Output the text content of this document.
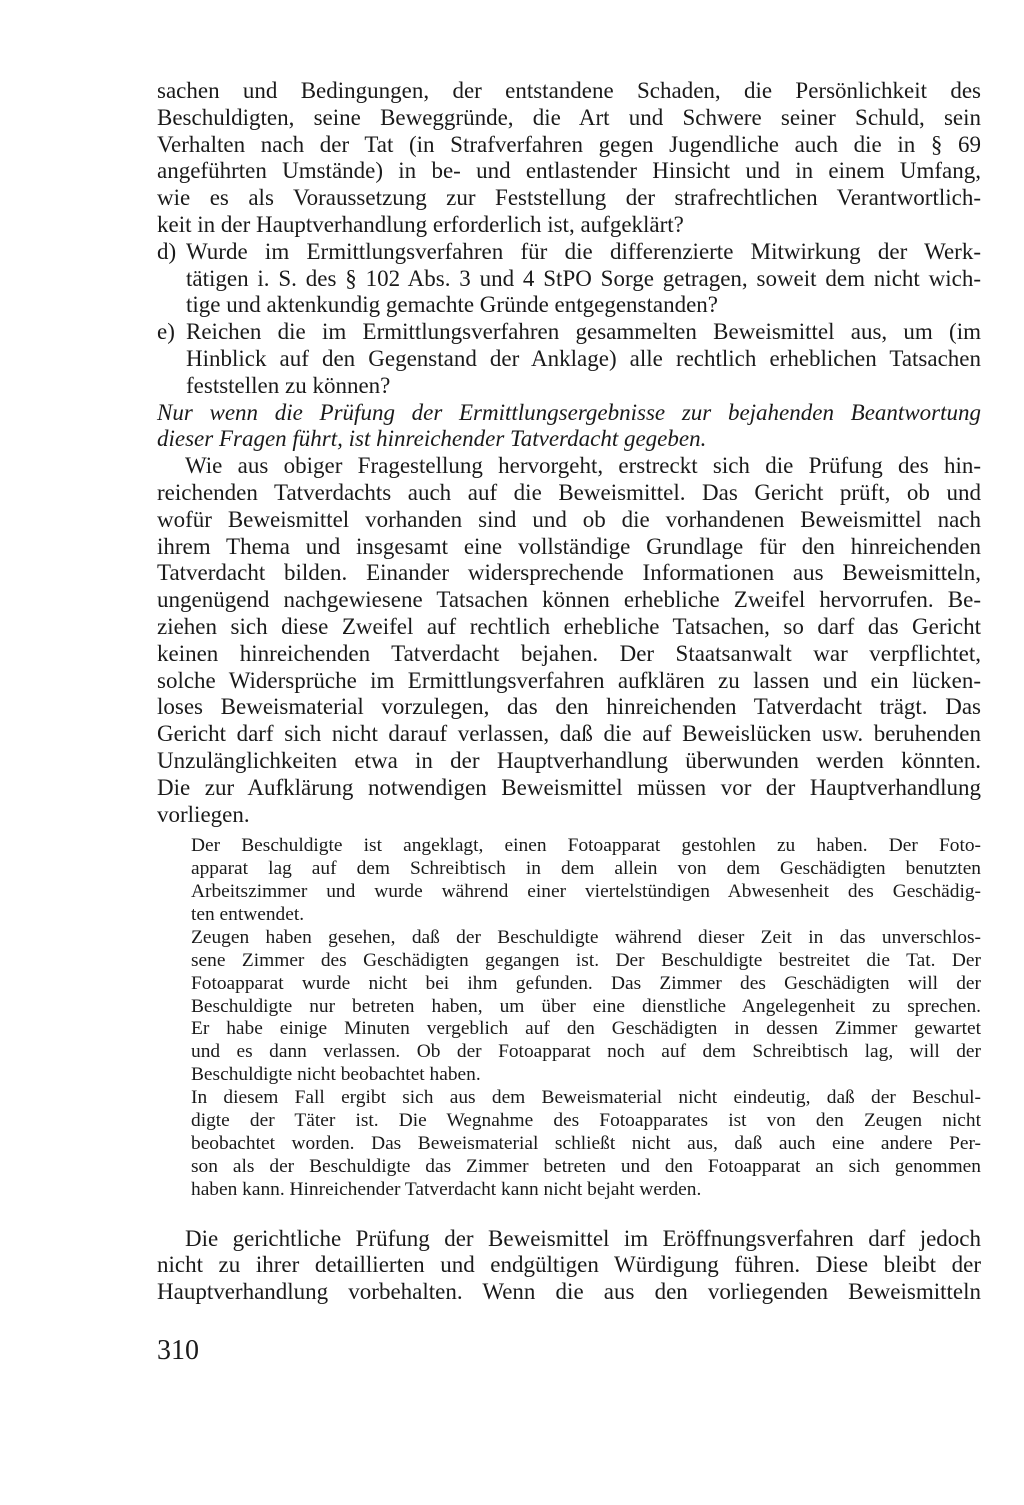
sachen und Bedingungen, der entstandene Schaden, die Persönlichkeit des
Beschuldigten, seine Beweggründe, die Art und Schwere seiner Schuld, sein
Verhalten nach der Tat (in Strafverfahren gegen Jugendliche auch die in § 69
angeführten Umstände) in be- und entlastender Hinsicht und in einem Umfang,
wie es als Voraussetzung zur Feststellung der strafrechtlichen Verantwortlich-
keit in der Hauptverhandlung erforderlich ist, aufgeklärt?
d) Wurde im Ermittlungsverfahren für die differenzierte Mitwirkung der Werk-
tätigen i. S. des § 102 Abs. 3 und 4 StPO Sorge getragen, soweit dem nicht wich-
tige und aktenkundig gemachte Gründe entgegenstanden?
e) Reichen die im Ermittlungsverfahren gesammelten Beweismittel aus, um (im
Hinblick auf den Gegenstand der Anklage) alle rechtlich erheblichen Tatsachen
feststellen zu können?
Nur wenn die Prüfung der Ermittlungsergebnisse zur bejahenden Beantwortung
dieser Fragen führt, ist hinreichender Tatverdacht gegeben.
Wie aus obiger Fragestellung hervorgeht, erstreckt sich die Prüfung des hin-
reichenden Tatverdachts auch auf die Beweismittel. Das Gericht prüft, ob und
wofür Beweismittel vorhanden sind und ob die vorhandenen Beweismittel nach
ihrem Thema und insgesamt eine vollständige Grundlage für den hinreichenden
Tatverdacht bilden. Einander widersprechende Informationen aus Beweismitteln,
ungenügend nachgewiesene Tatsachen können erhebliche Zweifel hervorrufen. Be-
ziehen sich diese Zweifel auf rechtlich erhebliche Tatsachen, so darf das Gericht
keinen hinreichenden Tatverdacht bejahen. Der Staatsanwalt war verpflichtet,
solche Widersprüche im Ermittlungsverfahren aufklären zu lassen und ein lücken-
loses Beweismaterial vorzulegen, das den hinreichenden Tatverdacht trägt. Das
Gericht darf sich nicht darauf verlassen, daß die auf Beweislücken usw. beruhenden
Unzulänglichkeiten etwa in der Hauptverhandlung überwunden werden könnten.
Die zur Aufklärung notwendigen Beweismittel müssen vor der Hauptverhandlung
vorliegen.
Der Beschuldigte ist angeklagt, einen Fotoapparat gestohlen zu haben. Der Foto-
apparat lag auf dem Schreibtisch in dem allein von dem Geschädigten benutzten
Arbeitszimmer und wurde während einer viertelstündigen Abwesenheit des Geschädig-
ten entwendet.
Zeugen haben gesehen, daß der Beschuldigte während dieser Zeit in das unverschlos-
sene Zimmer des Geschädigten gegangen ist. Der Beschuldigte bestreitet die Tat. Der
Fotoapparat wurde nicht bei ihm gefunden. Das Zimmer des Geschädigten will der
Beschuldigte nur betreten haben, um über eine dienstliche Angelegenheit zu sprechen.
Er habe einige Minuten vergeblich auf den Geschädigten in dessen Zimmer gewartet
und es dann verlassen. Ob der Fotoapparat noch auf dem Schreibtisch lag, will der
Beschuldigte nicht beobachtet haben.
In diesem Fall ergibt sich aus dem Beweismaterial nicht eindeutig, daß der Beschul-
digte der Täter ist. Die Wegnahme des Fotoapparates ist von den Zeugen nicht
beobachtet worden. Das Beweismaterial schließt nicht aus, daß auch eine andere Per-
son als der Beschuldigte das Zimmer betreten und den Fotoapparat an sich genommen
haben kann. Hinreichender Tatverdacht kann nicht bejaht werden.
Die gerichtliche Prüfung der Beweismittel im Eröffnungsverfahren darf jedoch
nicht zu ihrer detaillierten und endgültigen Würdigung führen. Diese bleibt der
Hauptverhandlung vorbehalten. Wenn die aus den vorliegenden Beweismitteln
310
